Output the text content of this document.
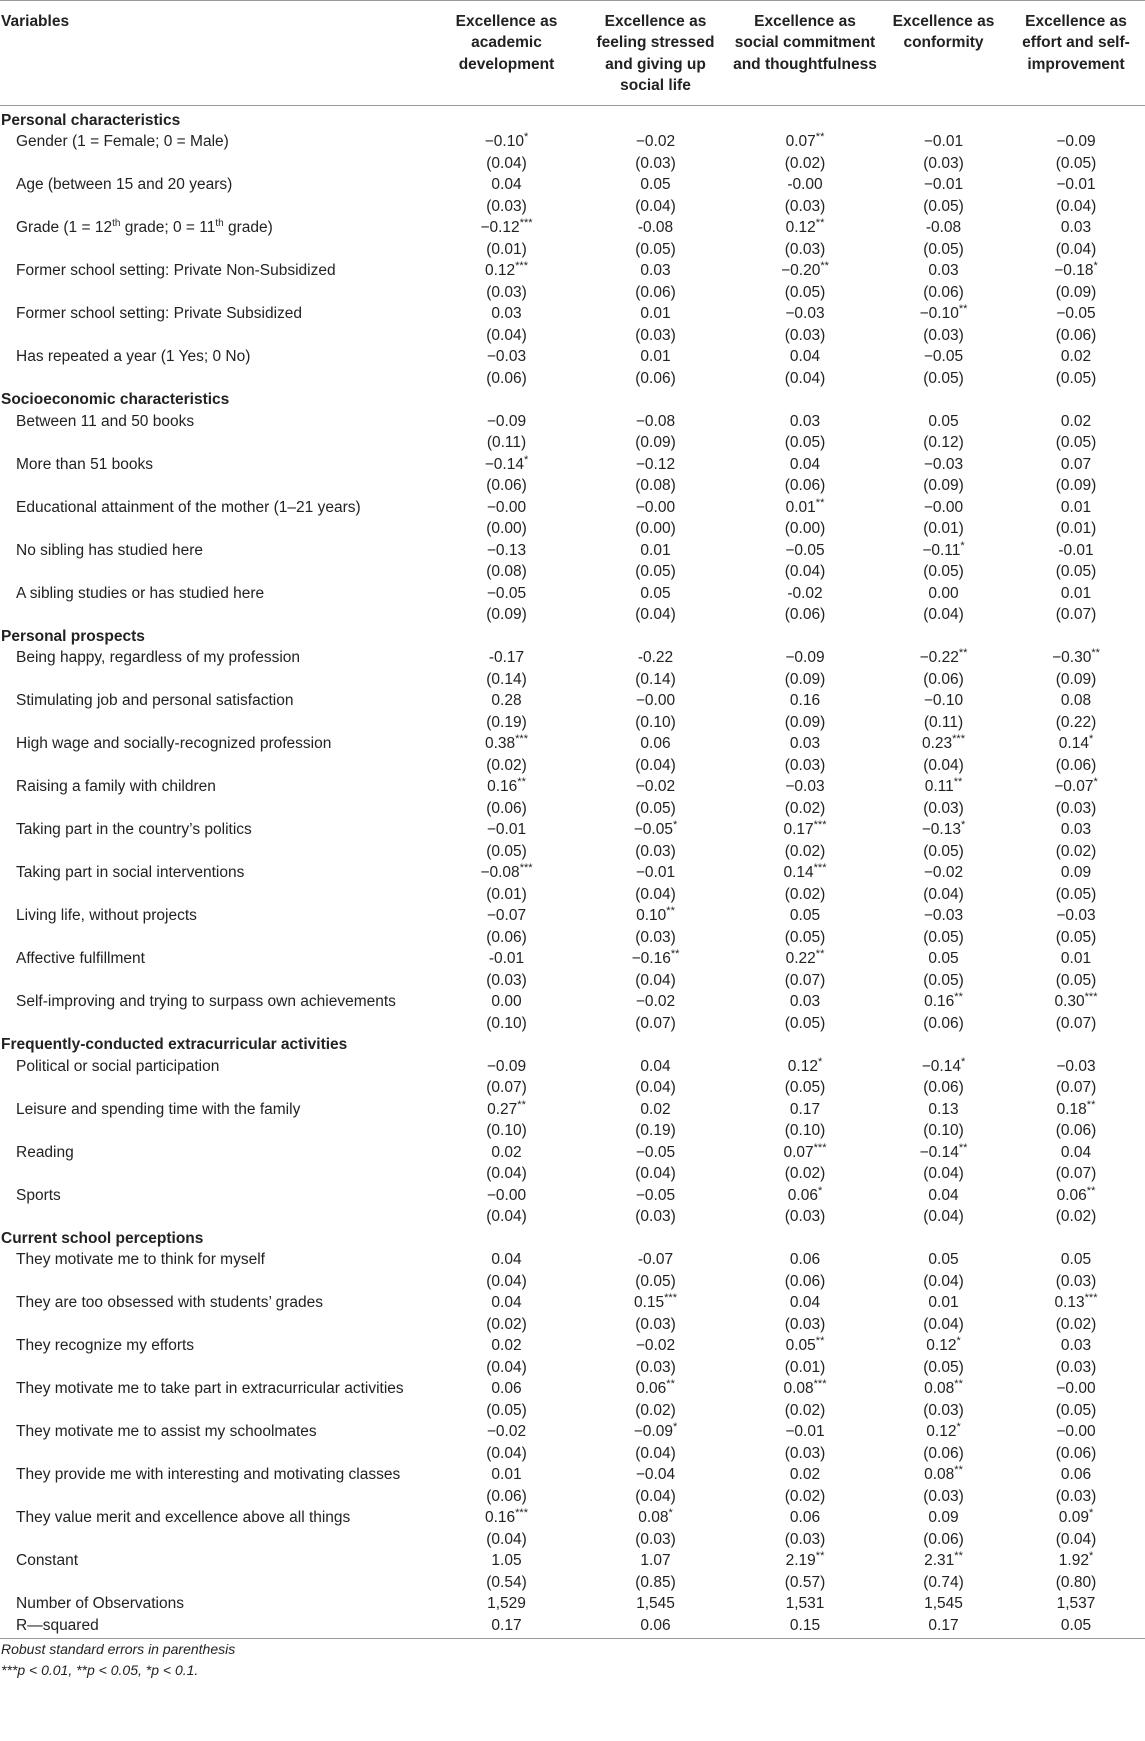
Variables	Excellence as academic development	Excellence as feeling stressed and giving up social life	Excellence as social commitment and thoughtfulness	Excellence as conformity	Excellence as effort and self-improvement
Personal characteristics					
Gender (1 = Female; 0 = Male)	−0.10*	−0.02	0.07**	−0.01	−0.09
	(0.04)	(0.03)	(0.02)	(0.03)	(0.05)
Age (between 15 and 20 years)	0.04	0.05	-0.00	−0.01	−0.01
	(0.03)	(0.04)	(0.03)	(0.05)	(0.04)
Grade (1 = 12th grade; 0 = 11th grade)	−0.12***	-0.08	0.12**	-0.08	0.03
	(0.01)	(0.05)	(0.03)	(0.05)	(0.04)
Former school setting: Private Non-Subsidized	0.12***	0.03	−0.20**	0.03	−0.18*
	(0.03)	(0.06)	(0.05)	(0.06)	(0.09)
Former school setting: Private Subsidized	0.03	0.01	−0.03	−0.10**	−0.05
	(0.04)	(0.03)	(0.03)	(0.03)	(0.06)
Has repeated a year (1 Yes; 0 No)	−0.03	0.01	0.04	−0.05	0.02
	(0.06)	(0.06)	(0.04)	(0.05)	(0.05)
Socioeconomic characteristics					
Between 11 and 50 books	−0.09	−0.08	0.03	0.05	0.02
	(0.11)	(0.09)	(0.05)	(0.12)	(0.05)
More than 51 books	−0.14*	−0.12	0.04	−0.03	0.07
	(0.06)	(0.08)	(0.06)	(0.09)	(0.09)
Educational attainment of the mother (1–21 years)	−0.00	−0.00	0.01**	−0.00	0.01
	(0.00)	(0.00)	(0.00)	(0.01)	(0.01)
No sibling has studied here	−0.13	0.01	−0.05	−0.11*	-0.01
	(0.08)	(0.05)	(0.04)	(0.05)	(0.05)
A sibling studies or has studied here	−0.05	0.05	-0.02	0.00	0.01
	(0.09)	(0.04)	(0.06)	(0.04)	(0.07)
Personal prospects					
Being happy, regardless of my profession	-0.17	-0.22	−0.09	−0.22**	−0.30**
	(0.14)	(0.14)	(0.09)	(0.06)	(0.09)
Stimulating job and personal satisfaction	0.28	−0.00	0.16	−0.10	0.08
	(0.19)	(0.10)	(0.09)	(0.11)	(0.22)
High wage and socially-recognized profession	0.38***	0.06	0.03	0.23***	0.14*
	(0.02)	(0.04)	(0.03)	(0.04)	(0.06)
Raising a family with children	0.16**	−0.02	−0.03	0.11**	−0.07*
	(0.06)	(0.05)	(0.02)	(0.03)	(0.03)
Taking part in the country’s politics	−0.01	−0.05*	0.17***	−0.13*	0.03
	(0.05)	(0.03)	(0.02)	(0.05)	(0.02)
Taking part in social interventions	−0.08***	−0.01	0.14***	−0.02	0.09
	(0.01)	(0.04)	(0.02)	(0.04)	(0.05)
Living life, without projects	−0.07	0.10**	0.05	−0.03	−0.03
	(0.06)	(0.03)	(0.05)	(0.05)	(0.05)
Affective fulfillment	-0.01	−0.16**	0.22**	0.05	0.01
	(0.03)	(0.04)	(0.07)	(0.05)	(0.05)
Self-improving and trying to surpass own achievements	0.00	−0.02	0.03	0.16**	0.30***
	(0.10)	(0.07)	(0.05)	(0.06)	(0.07)
Frequently-conducted extracurricular activities					
Political or social participation	−0.09	0.04	0.12*	−0.14*	−0.03
	(0.07)	(0.04)	(0.05)	(0.06)	(0.07)
Leisure and spending time with the family	0.27**	0.02	0.17	0.13	0.18**
	(0.10)	(0.19)	(0.10)	(0.10)	(0.06)
Reading	0.02	−0.05	0.07***	−0.14**	0.04
	(0.04)	(0.04)	(0.02)	(0.04)	(0.07)
Sports	−0.00	−0.05	0.06*	0.04	0.06**
	(0.04)	(0.03)	(0.03)	(0.04)	(0.02)
Current school perceptions					
They motivate me to think for myself	0.04	-0.07	0.06	0.05	0.05
	(0.04)	(0.05)	(0.06)	(0.04)	(0.03)
They are too obsessed with students’ grades	0.04	0.15***	0.04	0.01	0.13***
	(0.02)	(0.03)	(0.03)	(0.04)	(0.02)
They recognize my efforts	0.02	−0.02	0.05**	0.12*	0.03
	(0.04)	(0.03)	(0.01)	(0.05)	(0.03)
They motivate me to take part in extracurricular activities	0.06	0.06**	0.08***	0.08**	−0.00
	(0.05)	(0.02)	(0.02)	(0.03)	(0.05)
They motivate me to assist my schoolmates	−0.02	−0.09*	−0.01	0.12*	−0.00
	(0.04)	(0.04)	(0.03)	(0.06)	(0.06)
They provide me with interesting and motivating classes	0.01	−0.04	0.02	0.08**	0.06
	(0.06)	(0.04)	(0.02)	(0.03)	(0.03)
They value merit and excellence above all things	0.16***	0.08*	0.06	0.09	0.09*
	(0.04)	(0.03)	(0.03)	(0.06)	(0.04)
Constant	1.05	1.07	2.19**	2.31**	1.92*
	(0.54)	(0.85)	(0.57)	(0.74)	(0.80)
Number of Observations	1,529	1,545	1,531	1,545	1,537
R—squared	0.17	0.06	0.15	0.17	0.05
Robust standard errors in parenthesis
***p < 0.01, **p < 0.05, *p < 0.1.
